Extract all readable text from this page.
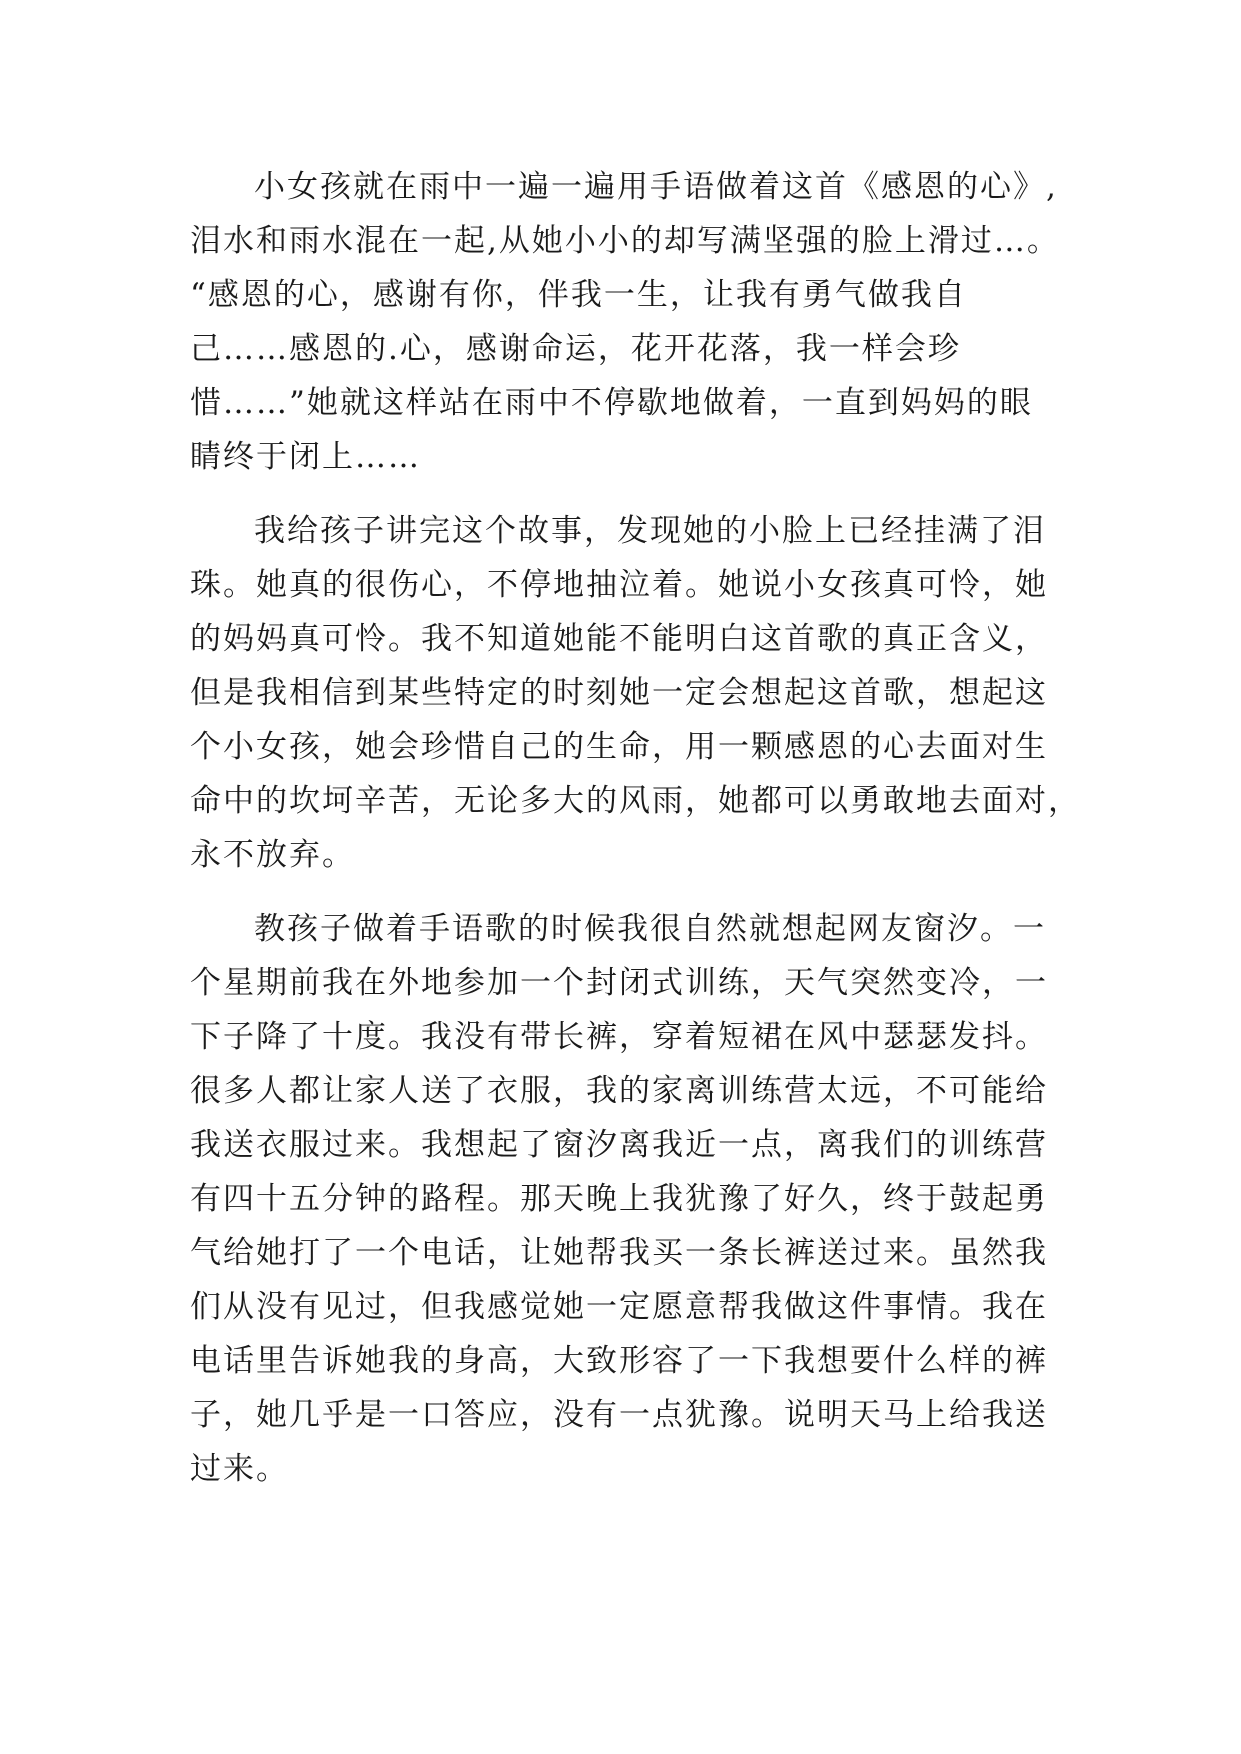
小女孩就在雨中一遍一遍用手语做着这首《感恩的心》,
泪水和雨水混在一起,从她小小的却写满坚强的脸上滑过…。
“感恩的心，感谢有你，伴我一生，让我有勇气做我自
己……感恩的.心，感谢命运，花开花落，我一样会珍
惜……”她就这样站在雨中不停歇地做着，一直到妈妈的眼
睛终于闭上……
我给孩子讲完这个故事，发现她的小脸上已经挂满了泪
珠。她真的很伤心，不停地抽泣着。她说小女孩真可怜，她
的妈妈真可怜。我不知道她能不能明白这首歌的真正含义，
但是我相信到某些特定的时刻她一定会想起这首歌，想起这
个小女孩，她会珍惜自己的生命，用一颗感恩的心去面对生
命中的坎坷辛苦，无论多大的风雨，她都可以勇敢地去面对，
永不放弃。
教孩子做着手语歌的时候我很自然就想起网友窗汐。一
个星期前我在外地参加一个封闭式训练，天气突然变冷，一
下子降了十度。我没有带长裤，穿着短裙在风中瑟瑟发抖。
很多人都让家人送了衣服，我的家离训练营太远，不可能给
我送衣服过来。我想起了窗汐离我近一点，离我们的训练营
有四十五分钟的路程。那天晚上我犹豫了好久，终于鼓起勇
气给她打了一个电话，让她帮我买一条长裤送过来。虽然我
们从没有见过，但我感觉她一定愿意帮我做这件事情。我在
电话里告诉她我的身高，大致形容了一下我想要什么样的裤
子，她几乎是一口答应，没有一点犹豫。说明天马上给我送
过来。
